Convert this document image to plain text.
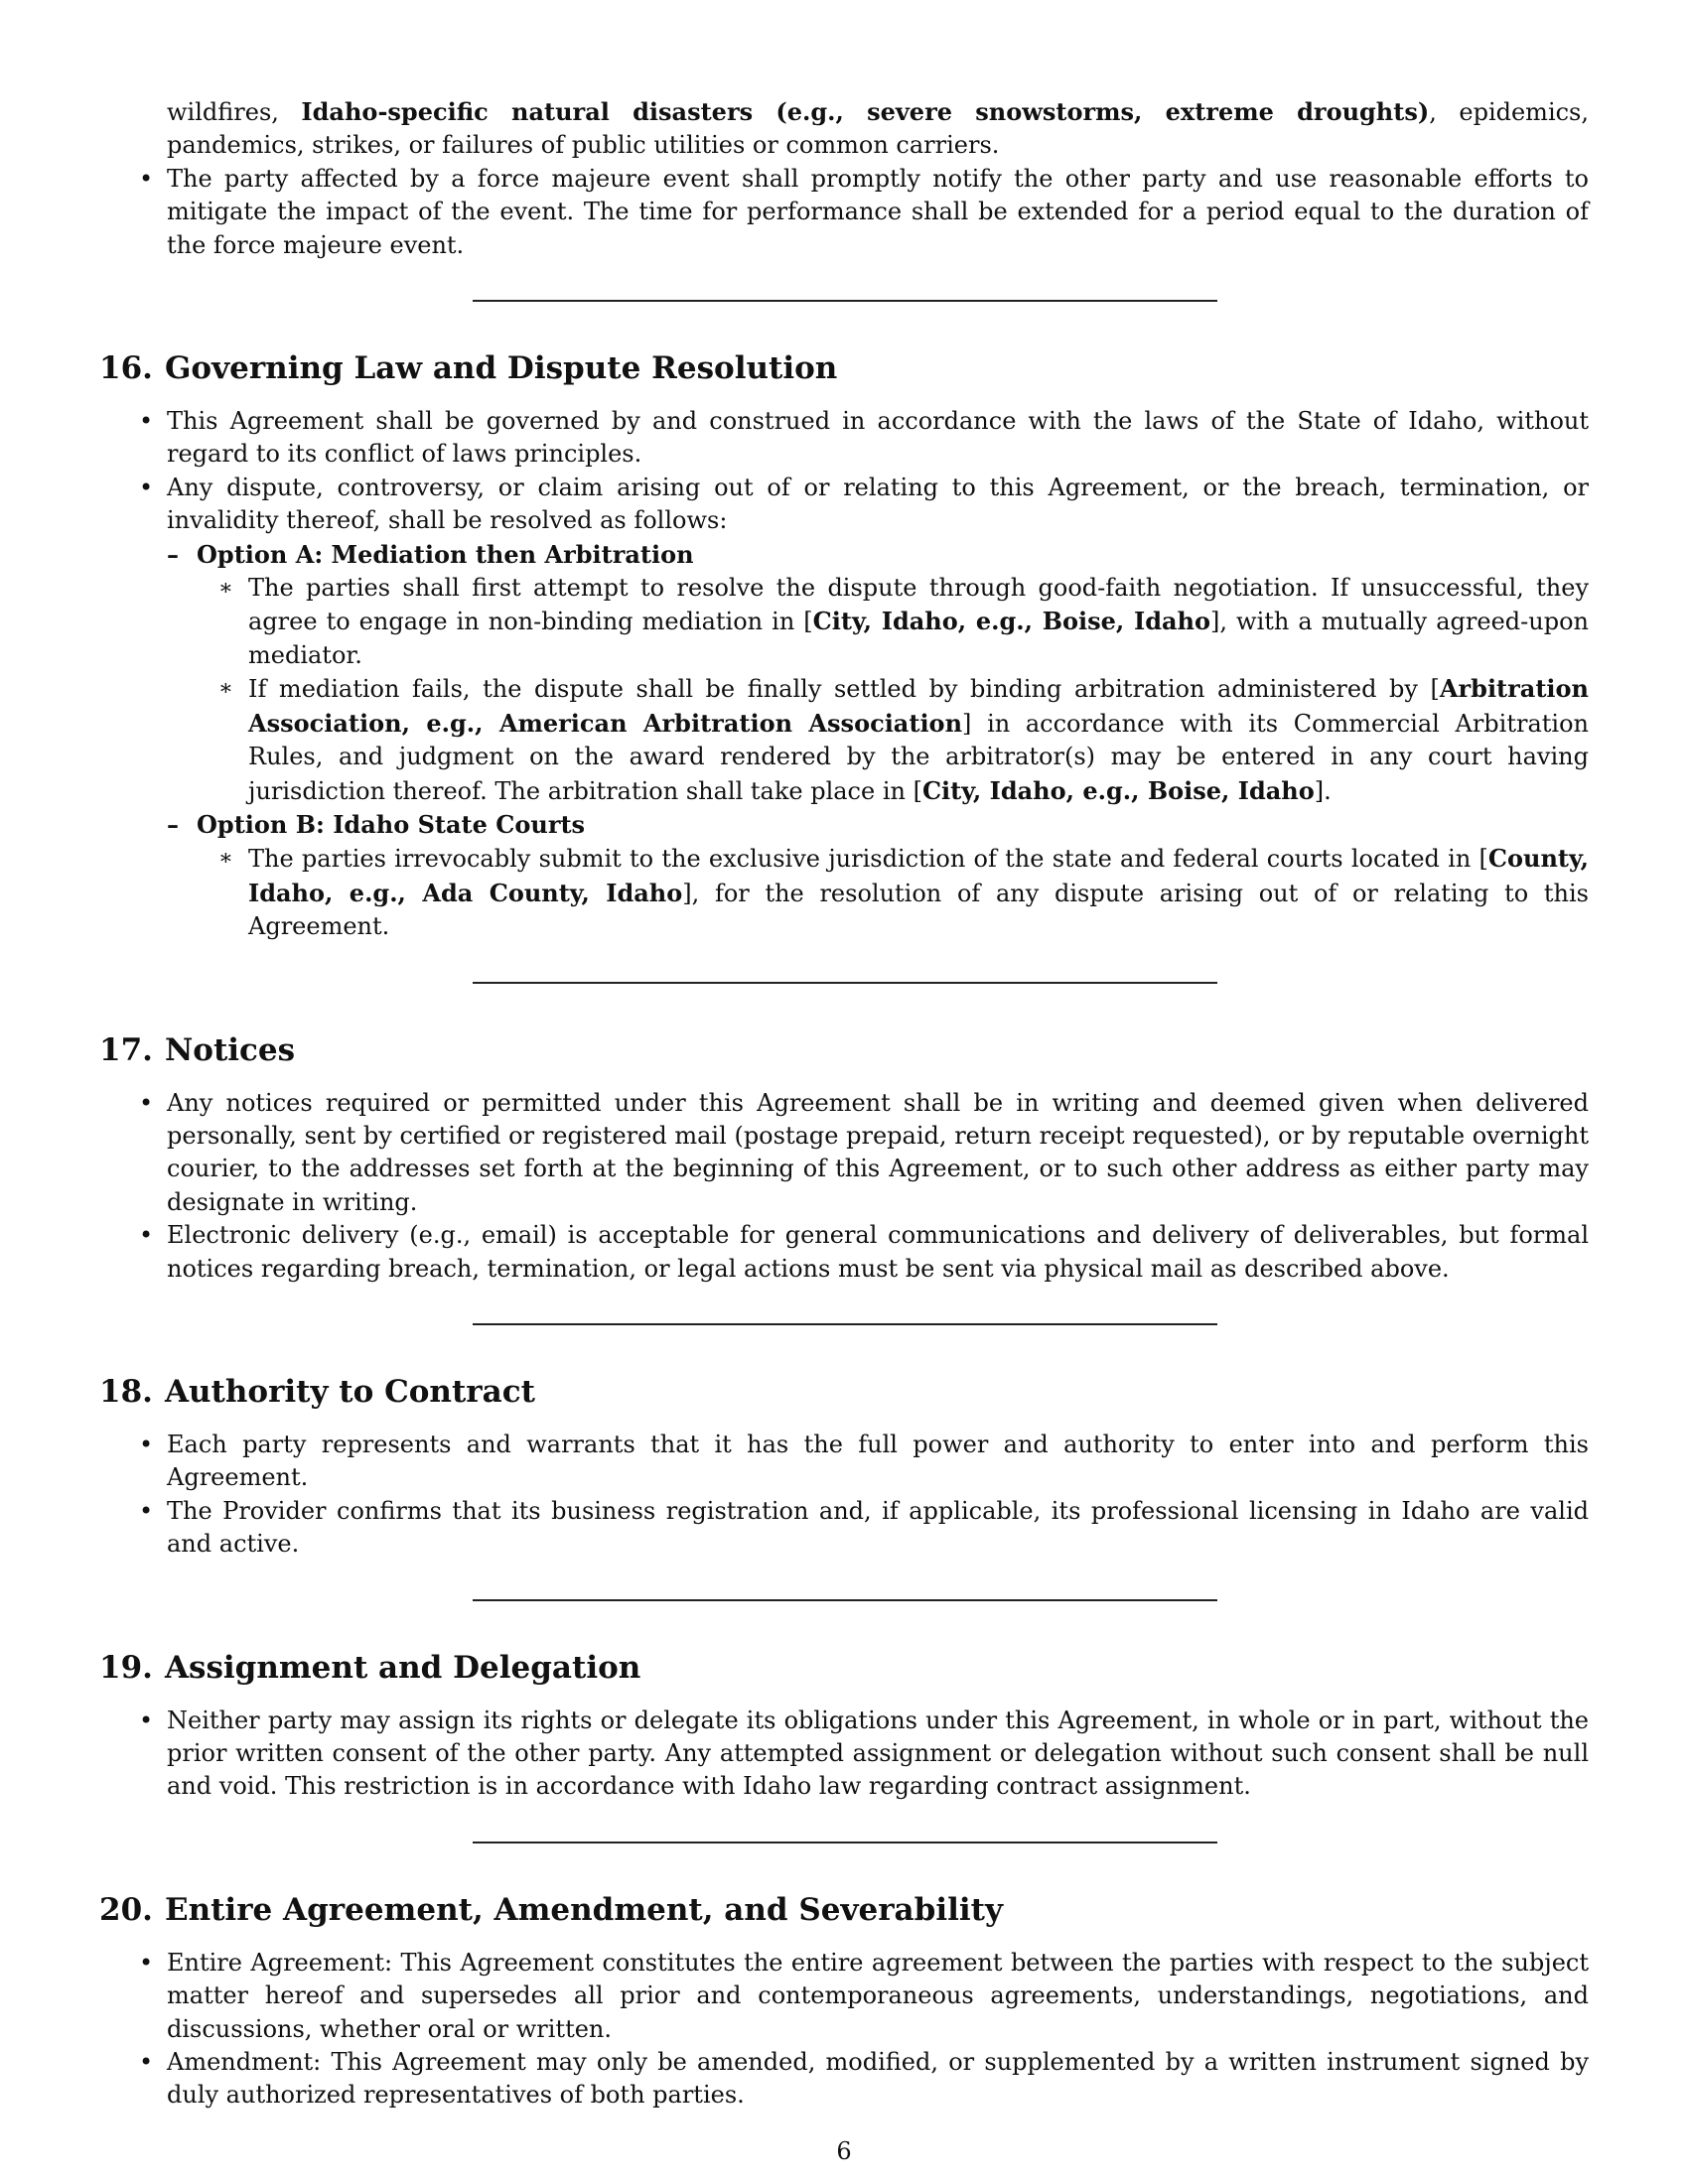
wildfires, Idaho-specific natural disasters (e.g., severe snowstorms, extreme droughts), epidemics, pandemics, strikes, or failures of public utilities or common carriers.
• The party affected by a force majeure event shall promptly notify the other party and use reasonable efforts to mitigate the impact of the event. The time for performance shall be extended for a period equal to the duration of the force majeure event.
16. Governing Law and Dispute Resolution
• This Agreement shall be governed by and construed in accordance with the laws of the State of Idaho, without regard to its conflict of laws principles.
• Any dispute, controversy, or claim arising out of or relating to this Agreement, or the breach, termination, or invalidity thereof, shall be resolved as follows:
– Option A: Mediation then Arbitration
∗ The parties shall first attempt to resolve the dispute through good-faith negotiation. If unsuccessful, they agree to engage in non-binding mediation in [City, Idaho, e.g., Boise, Idaho], with a mutually agreed-upon mediator.
∗ If mediation fails, the dispute shall be finally settled by binding arbitration administered by [Arbitration Association, e.g., American Arbitration Association] in accordance with its Commercial Arbitration Rules, and judgment on the award rendered by the arbitrator(s) may be entered in any court having jurisdiction thereof. The arbitration shall take place in [City, Idaho, e.g., Boise, Idaho].
– Option B: Idaho State Courts
∗ The parties irrevocably submit to the exclusive jurisdiction of the state and federal courts located in [County, Idaho, e.g., Ada County, Idaho], for the resolution of any dispute arising out of or relating to this Agreement.
17. Notices
• Any notices required or permitted under this Agreement shall be in writing and deemed given when delivered personally, sent by certified or registered mail (postage prepaid, return receipt requested), or by reputable overnight courier, to the addresses set forth at the beginning of this Agreement, or to such other address as either party may designate in writing.
• Electronic delivery (e.g., email) is acceptable for general communications and delivery of deliverables, but formal notices regarding breach, termination, or legal actions must be sent via physical mail as described above.
18. Authority to Contract
• Each party represents and warrants that it has the full power and authority to enter into and perform this Agreement.
• The Provider confirms that its business registration and, if applicable, its professional licensing in Idaho are valid and active.
19. Assignment and Delegation
• Neither party may assign its rights or delegate its obligations under this Agreement, in whole or in part, without the prior written consent of the other party. Any attempted assignment or delegation without such consent shall be null and void. This restriction is in accordance with Idaho law regarding contract assignment.
20. Entire Agreement, Amendment, and Severability
• Entire Agreement: This Agreement constitutes the entire agreement between the parties with respect to the subject matter hereof and supersedes all prior and contemporaneous agreements, understandings, negotiations, and discussions, whether oral or written.
• Amendment: This Agreement may only be amended, modified, or supplemented by a written instrument signed by duly authorized representatives of both parties.
6
